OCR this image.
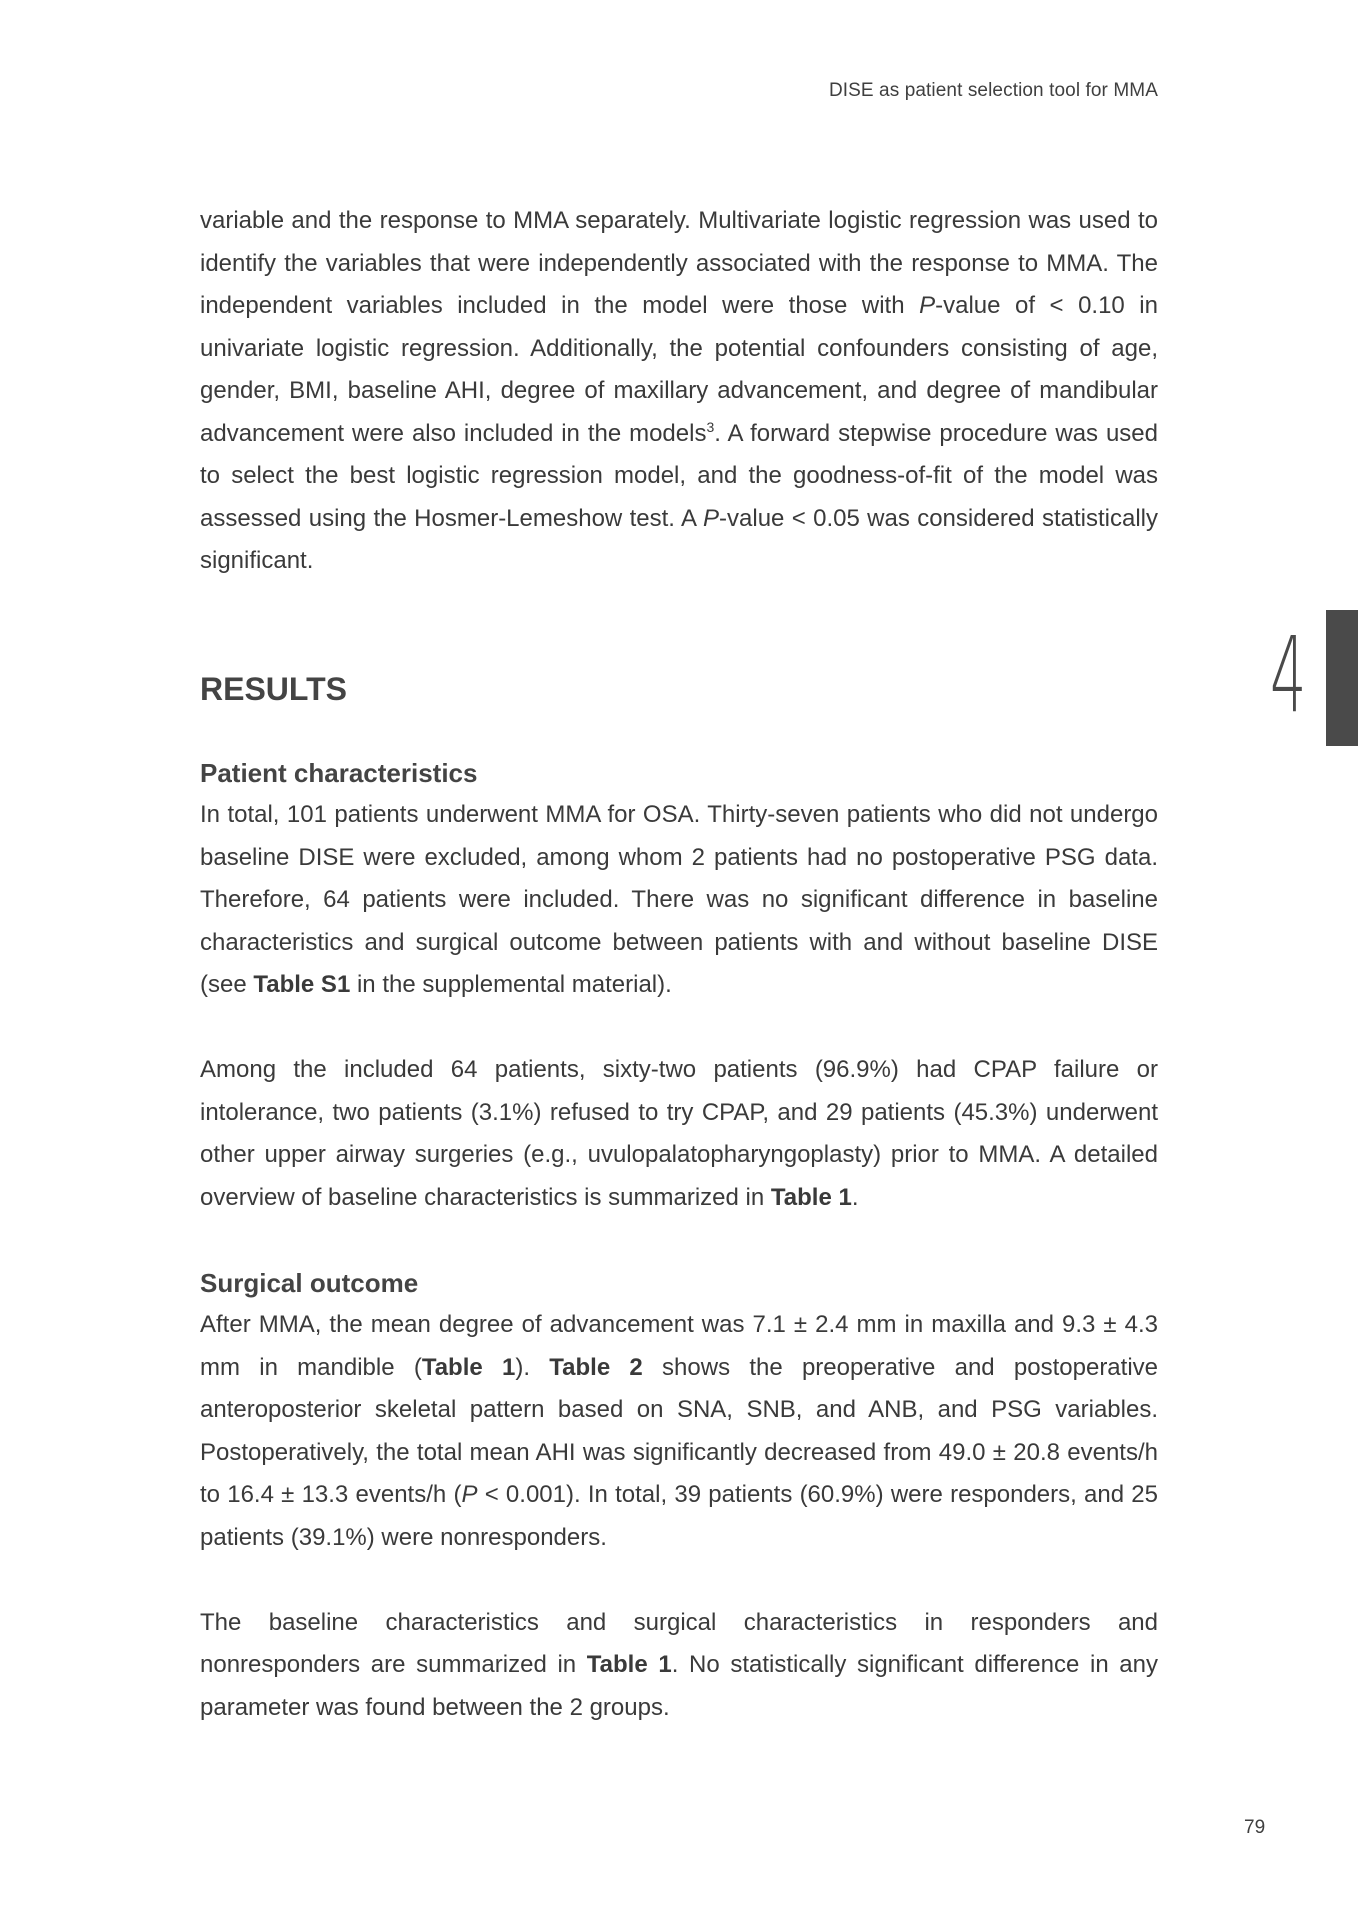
DISE as patient selection tool for MMA
4

variable and the response to MMA separately. Multivariate logistic regression was used to identify the variables that were independently associated with the response to MMA. The independent variables included in the model were those with P-value of < 0.10 in univariate logistic regression. Additionally, the potential confounders consisting of age, gender, BMI, baseline AHI, degree of maxillary advancement, and degree of mandibular advancement were also included in the models$^3$. A forward stepwise procedure was used to select the best logistic regression model, and the goodness-of-fit of the model was assessed using the Hosmer-Lemeshow test. A P-value < 0.05 was considered statistically significant.

RESULTS
Patient characteristics

In total, 101 patients underwent MMA for OSA. Thirty-seven patients who did not undergo baseline DISE were excluded, among whom 2 patients had no postoperative PSG data. Therefore, 64 patients were included. There was no significant difference in baseline characteristics and surgical outcome between patients with and without baseline DISE (see Table S1 in the supplemental material).

Among the included 64 patients, sixty-two patients (96.9%) had CPAP failure or intolerance, two patients (3.1%) refused to try CPAP, and 29 patients (45.3%) underwent other upper airway surgeries (e.g., uvulopalatopharyngoplasty) prior to MMA. A detailed overview of baseline characteristics is summarized in Table 1.

Surgical outcome

After MMA, the mean degree of advancement was 7.1 ± 2.4 mm in maxilla and 9.3 ± 4.3 mm in mandible (Table 1). Table 2 shows the preoperative and postoperative anteroposterior skeletal pattern based on SNA, SNB, and ANB, and PSG variables. Postoperatively, the total mean AHI was significantly decreased from 49.0 ± 20.8 events/h to 16.4 ± 13.3 events/h (P < 0.001). In total, 39 patients (60.9%) were responders, and 25 patients (39.1%) were nonresponders.

The baseline characteristics and surgical characteristics in responders and nonresponders are summarized in Table 1. No statistically significant difference in any parameter was found between the 2 groups.

79
